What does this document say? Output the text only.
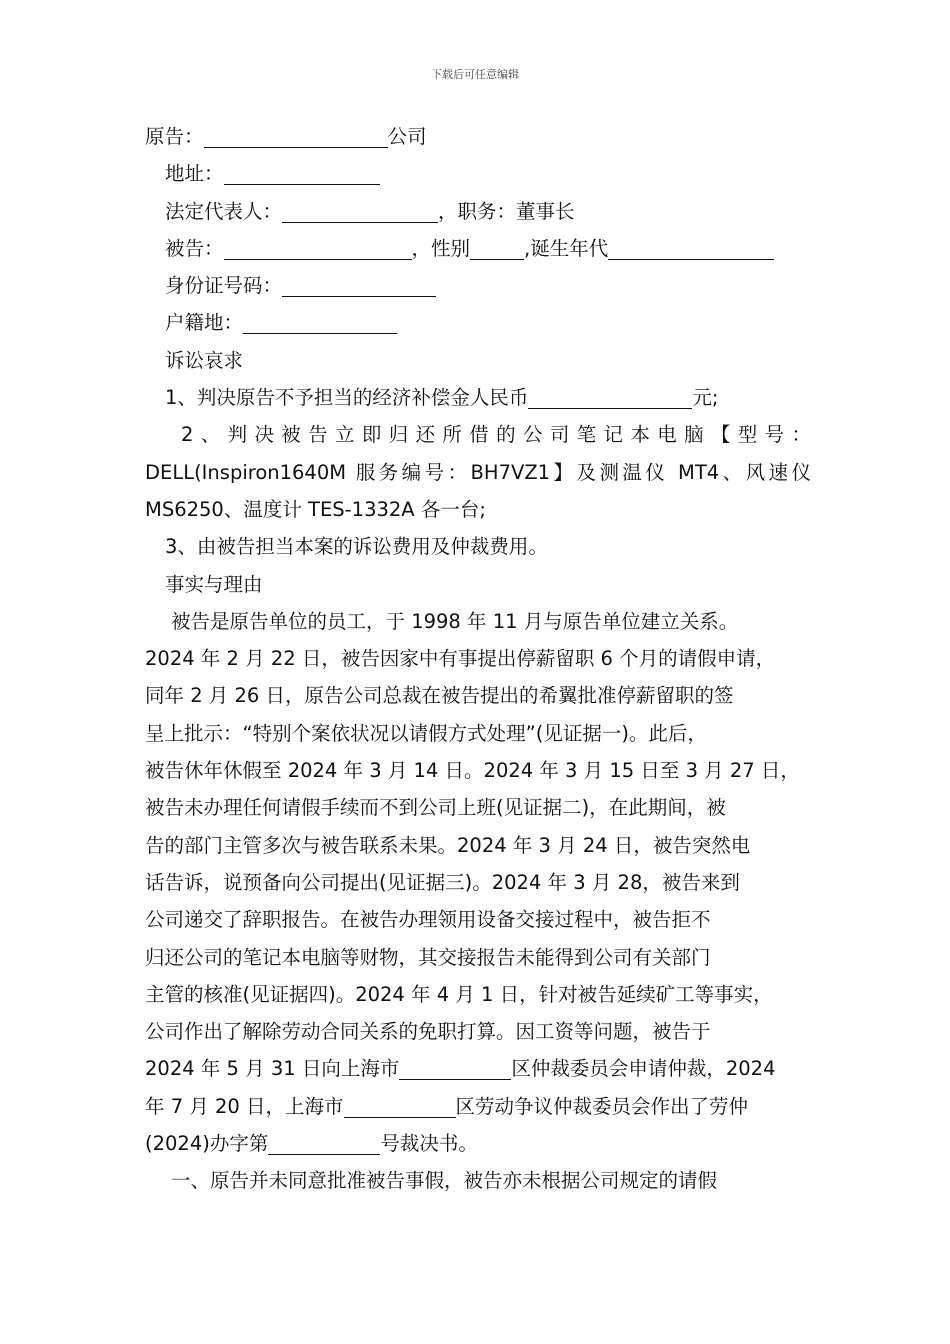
下载后可任意编辑
原告：	公司
地址：
法定代表人：	，职务：董事长
被告：	，性别	,诞生年代
身份证号码：
户籍地：
诉讼哀求
1、判决原告不予担当的经济补偿金人民币	元;
2、判决被告立即归还所借的公司笔记本电脑【型号：
DELL(Inspiron1640M 服务编号：BH7VZ1】及测温仪 MT4、风速仪
MS6250、温度计 TES-1332A 各一台;
3、由被告担当本案的诉讼费用及仲裁费用。
事实与理由
被告是原告单位的员工，于 1998 年 11 月与原告单位建立关系。
2024 年 2 月 22 日，被告因家中有事提出停薪留职 6 个月的请假申请，
同年 2 月 26 日，原告公司总裁在被告提出的希翼批准停薪留职的签
呈上批示：“特别个案依状况以请假方式处理”(见证据一)。此后，
被告休年休假至 2024 年 3 月 14 日。2024 年 3 月 15 日至 3 月 27 日，
被告未办理任何请假手续而不到公司上班(见证据二)，在此期间，被
告的部门主管多次与被告联系未果。2024 年 3 月 24 日，被告突然电
话告诉，说预备向公司提出(见证据三)。2024 年 3 月 28，被告来到
公司递交了辞职报告。在被告办理领用设备交接过程中，被告拒不
归还公司的笔记本电脑等财物，其交接报告未能得到公司有关部门
主管的核准(见证据四)。2024 年 4 月 1 日，针对被告延续矿工等事实，
公司作出了解除劳动合同关系的免职打算。因工资等问题，被告于
2024 年 5 月 31 日向上海市	区仲裁委员会申请仲裁，2024
年 7 月 20 日，上海市	区劳动争议仲裁委员会作出了劳仲
(2024)办字第	号裁决书。
一、原告并未同意批准被告事假，被告亦未根据公司规定的请假
